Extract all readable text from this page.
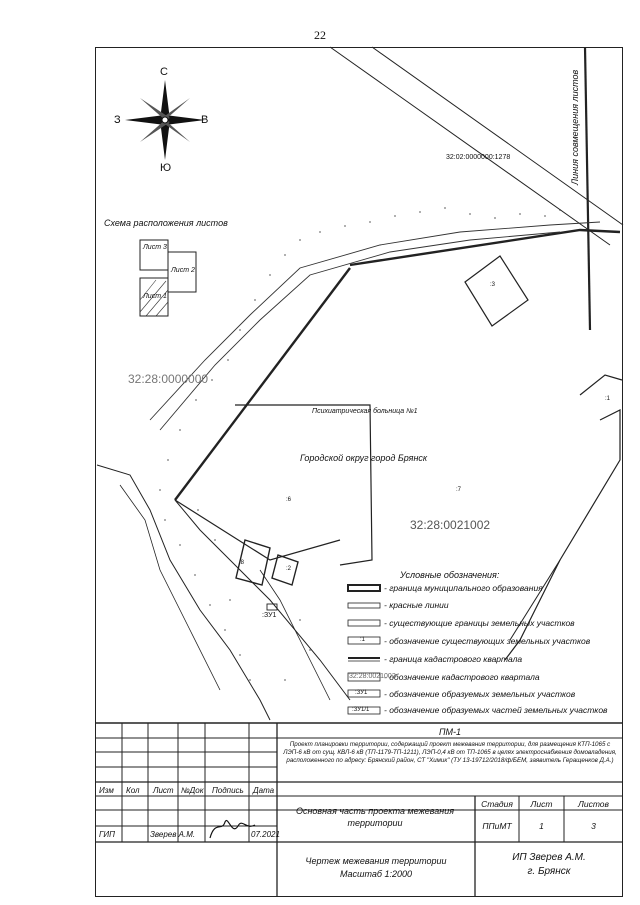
22
С
Ю
З	В
Схема расположения листов
Лист 3
Лист 2
Лист 1
32:02:0000000:1278	Линия совмещения листов
32:28:0000000
Психиатрическая больница №1
Городской округ город Брянск
32:28:0021002
:3
:1
:7
:6
:8
:2
:ЗУ1
Условные обозначения:
- граница муниципального образования
- красные линии
- существующие границы земельных участков
- обозначение существующих земельных участков
- граница кадастрового квартала
- обозначение кадастрового квартала
- обозначение образуемых земельных участков
- обозначение образуемых частей земельных участков
:1
32:28:0021002
:ЗУ1
:ЗУ1/1
ПМ-1
Проект планировки территории, содержащий проект межевания территории, для размещения КТП-1065 с ЛЭП-6 кВ от сущ. КВЛ-6 кВ (ТП-1179-ТП-1211), ЛЭП-0,4 кВ от ТП-1065 в целях электроснабжения домовладения, расположенного по адресу: Брянский район, СТ "Химик" (ТУ 13-19712/2018/ф/БЕМ, заявитель Геращенков Д.А.)
Изм Кол Лист №Док Подпись Дата
ГИП	Зверев А.М.	07.2021
Основная часть проекта межевания территории
Стадия	Лист	Листов
ППиМТ	1	3
Чертеж межевания территории
Масштаб 1:2000
ИП Зверев А.М.
г. Брянск
